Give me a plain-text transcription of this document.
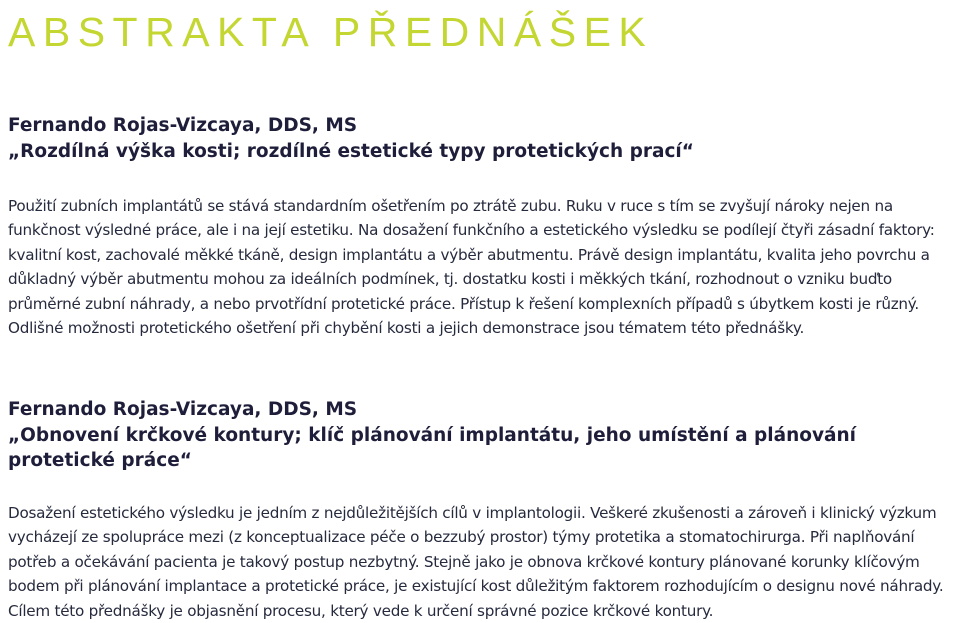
ABSTRAKTA PŘEDNÁŠEK

Fernando Rojas-Vizcaya, DDS, MS

„Rozdílná výška kosti; rozdílné estetické typy protetických prací“

Použití zubních implantátů se stává standardním ošetřením po ztrátě zubu. Ruku v ruce s tím se zvyšují nároky nejen na funkčnost výsledné práce, ale i na její estetiku. Na dosažení funkčního a estetického výsledku se podílejí čtyři zásadní faktory: kvalitní kost, zachovalé měkké tkáně, design implantátu a výběr abutmentu. Právě design implantátu, kvalita jeho povrchu a důkladný výběr abutmentu mohou za ideálních podmínek, tj. dostatku kosti i měkkých tkání, rozhodnout o vzniku buďto průměrné zubní náhrady, a nebo prvotřídní protetické práce. Přístup k řešení komplexních případů s úbytkem kosti je různý. Odlišné možnosti protetického ošetření při chybění kosti a jejich demonstrace jsou tématem této přednášky.

Fernando Rojas-Vizcaya, DDS, MS

„Obnovení krčkové kontury; klíč plánování implantátu, jeho umístění a plánování protetické práce“

Dosažení estetického výsledku je jedním z nejdůležitějších cílů v implantologii. Veškeré zkušenosti a zároveň i klinický výzkum vycházejí ze spolupráce mezi (z konceptualizace péče o bezzubý prostor) týmy protetika a stomatochirurga. Při naplňování potřeb a očekávání pacienta je takový postup nezbytný. Stejně jako je obnova krčkové kontury plánované korunky klíčovým bodem při plánování implantace a protetické práce, je existující kost důležitým faktorem rozhodujícím o designu nové náhrady. Cílem této přednášky je objasnění procesu, který vede k určení správné pozice krčkové kontury.
